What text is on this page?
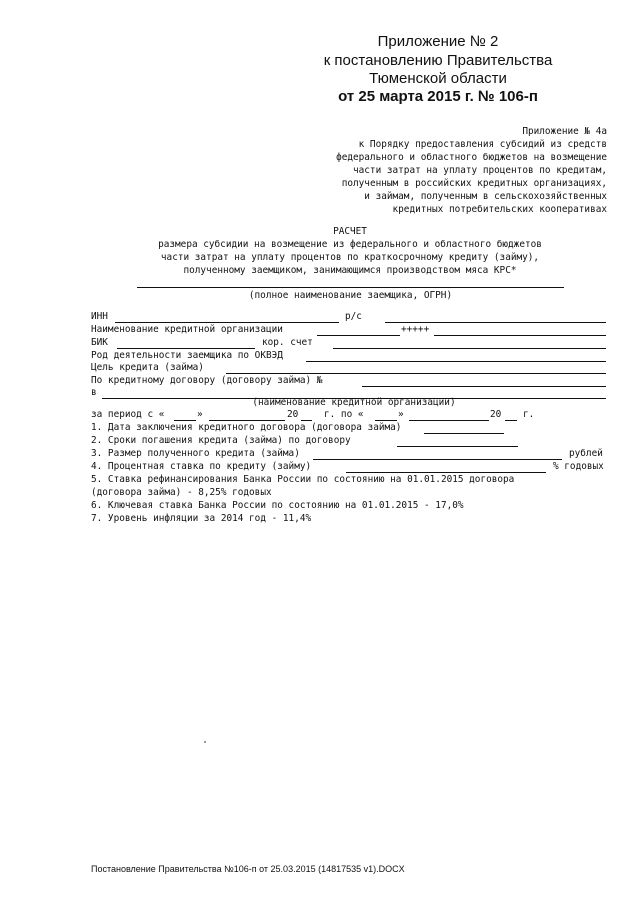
Приложение № 2
к постановлению Правительства
Тюменской области
от 25 марта 2015 г. № 106-п
Приложение № 4а
к Порядку предоставления субсидий из средств
федерального и областного бюджетов на возмещение
части затрат на уплату процентов по кредитам,
полученным в российских кредитных организациях,
и займам, полученным в сельскохозяйственных
кредитных потребительских кооперативах
РАСЧЕТ
размера субсидии на возмещение из федерального и областного бюджетов
части затрат на уплату процентов по краткосрочному кредиту (займу),
полученному заемщиком, занимающимся производством мяса КРС*
(полное наименование заемщика, ОГРН)
ИНН	р/с
Наименование кредитной организации	+++++
БИК	кор. счет
Род деятельности заемщика по ОКВЭД
Цель кредита (займа)
По кредитному договору (договору займа) №
в
(наименование кредитной организации)
за период с «	»	20	г. по «	»	20 г.
1. Дата заключения кредитного договора (договора займа)
2. Сроки погашения кредита (займа) по договору
3. Размер полученного кредита (займа)	рублей
4. Процентная ставка по кредиту (займу)	% годовых
5. Ставка рефинансирования Банка России по состоянию на 01.01.2015 договора
(договора займа) - 8,25% годовых
6. Ключевая ставка Банка России по состоянию на 01.01.2015 - 17,0%
7. Уровень инфляции за 2014 год - 11,4%
Постановление Правительства №106-п от 25.03.2015 (14817535 v1).DOCX
